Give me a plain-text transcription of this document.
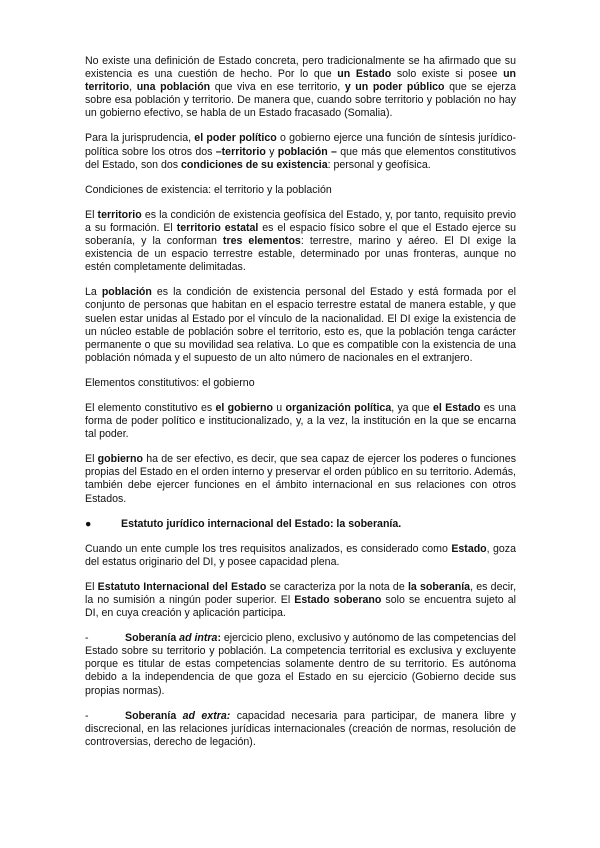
No existe una definición de Estado concreta, pero tradicionalmente se ha afirmado que su existencia es una cuestión de hecho. Por lo que un Estado solo existe si posee un territorio, una población que viva en ese territorio, y un poder público que se ejerza sobre esa población y territorio. De manera que, cuando sobre territorio y población no hay un gobierno efectivo, se habla de un Estado fracasado (Somalia).

Para la jurisprudencia, el poder político o gobierno ejerce una función de síntesis jurídico-política sobre los otros dos –territorio y población – que más que elementos constitutivos del Estado, son dos condiciones de su existencia: personal y geofísica.

Condiciones de existencia: el territorio y la población

El territorio es la condición de existencia geofísica del Estado, y, por tanto, requisito previo a su formación. El territorio estatal es el espacio físico sobre el que el Estado ejerce su soberanía, y la conforman tres elementos: terrestre, marino y aéreo. El DI exige la existencia de un espacio terrestre estable, determinado por unas fronteras, aunque no estén completamente delimitadas.

La población es la condición de existencia personal del Estado y está formada por el conjunto de personas que habitan en el espacio terrestre estatal de manera estable, y que suelen estar unidas al Estado por el vínculo de la nacionalidad. El DI exige la existencia de un núcleo estable de población sobre el territorio, esto es, que la población tenga carácter permanente o que su movilidad sea relativa. Lo que es compatible con la existencia de una población nómada y el supuesto de un alto número de nacionales en el extranjero.

Elementos constitutivos: el gobierno

El elemento constitutivo es el gobierno u organización política, ya que el Estado es una forma de poder político e institucionalizado, y, a la vez, la institución en la que se encarna tal poder.

El gobierno ha de ser efectivo, es decir, que sea capaz de ejercer los poderes o funciones propias del Estado en el orden interno y preservar el orden público en su territorio. Además, también debe ejercer funciones en el ámbito internacional en sus relaciones con otros Estados.

●	Estatuto jurídico internacional del Estado: la soberanía.

Cuando un ente cumple los tres requisitos analizados, es considerado como Estado, goza del estatus originario del DI, y posee capacidad plena.

El Estatuto Internacional del Estado se caracteriza por la nota de la soberanía, es decir, la no sumisión a ningún poder superior. El Estado soberano solo se encuentra sujeto al DI, en cuya creación y aplicación participa.

-	Soberanía ad intra: ejercicio pleno, exclusivo y autónomo de las competencias del Estado sobre su territorio y población. La competencia territorial es exclusiva y excluyente porque es titular de estas competencias solamente dentro de su territorio. Es autónoma debido a la independencia de que goza el Estado en su ejercicio (Gobierno decide sus propias normas).

-	Soberanía ad extra: capacidad necesaria para participar, de manera libre y discrecional, en las relaciones jurídicas internacionales (creación de normas, resolución de controversias, derecho de legación).
